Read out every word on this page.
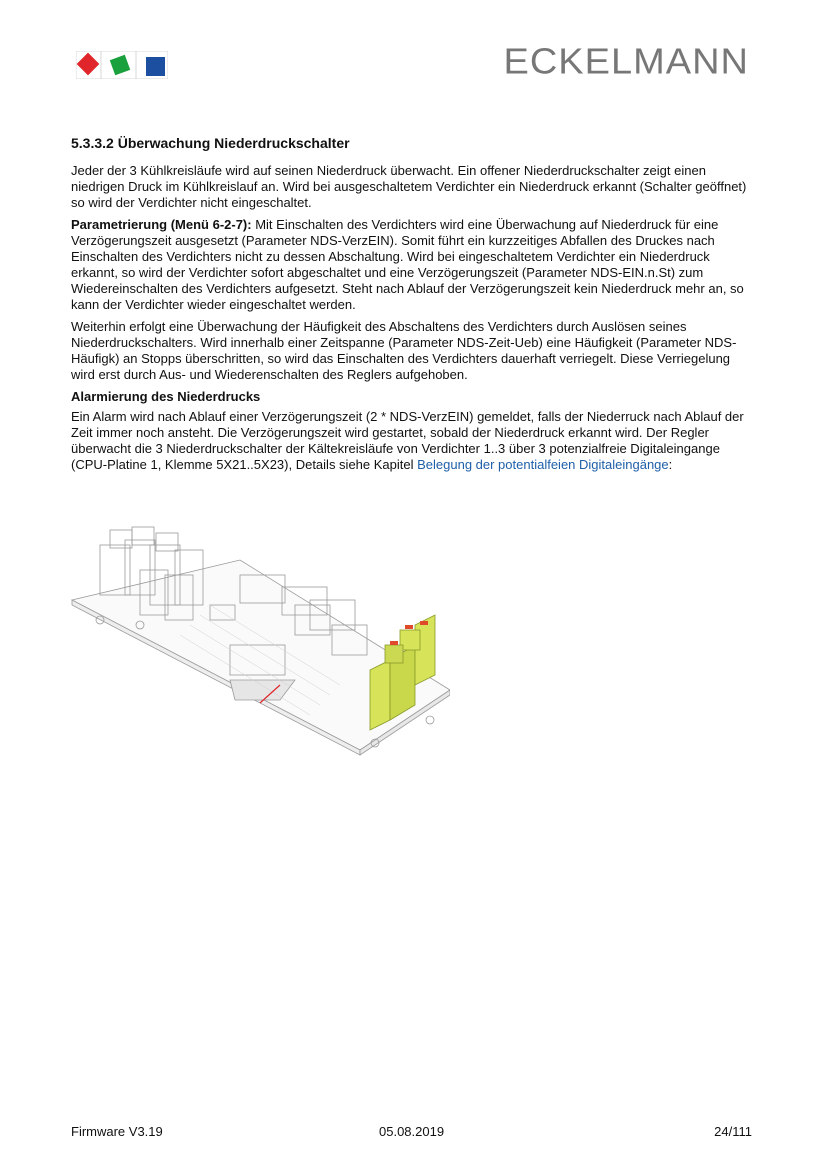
ECKELMANN
5.3.3.2 Überwachung Niederdruckschalter

Jeder der 3 Kühlkreisläufe wird auf seinen Niederdruck überwacht. Ein offener Niederdruckschalter zeigt einen niedrigen Druck im Kühlkreislauf an. Wird bei ausgeschaltetem Verdichter ein Niederdruck erkannt (Schalter geöffnet) so wird der Verdichter nicht eingeschaltet.

Parametrierung (Menü 6-2-7): Mit Einschalten des Verdichters wird eine Überwachung auf Niederdruck für eine Verzögerungszeit ausgesetzt (Parameter NDS-VerzEIN). Somit führt ein kurzzeitiges Abfallen des Druckes nach Einschalten des Verdichters nicht zu dessen Abschaltung. Wird bei eingeschaltetem Verdichter ein Niederdruck erkannt, so wird der Verdichter sofort abgeschaltet und eine Verzögerungszeit (Parameter NDS-EIN.n.St) zum Wiedereinschalten des Verdichters aufgesetzt. Steht nach Ablauf der Verzögerungszeit kein Niederdruck mehr an, so kann der Verdichter wieder eingeschaltet werden.

Weiterhin erfolgt eine Überwachung der Häufigkeit des Abschaltens des Verdichters durch Auslösen seines Niederdruckschalters. Wird innerhalb einer Zeitspanne (Parameter NDS-Zeit-Ueb) eine Häufigkeit (Parameter NDS-Häufigk) an Stopps überschritten, so wird das Einschalten des Verdichters dauerhaft verriegelt. Diese Verriegelung wird erst durch Aus- und Wiederenschalten des Reglers aufgehoben.

Alarmierung des Niederdrucks

Ein Alarm wird nach Ablauf einer Verzögerungszeit (2 * NDS-VerzEIN) gemeldet, falls der Niederruck nach Ablauf der Zeit immer noch ansteht. Die Verzögerungszeit wird gestartet, sobald der Niederdruck erkannt wird. Der Regler überwacht die 3 Niederdruckschalter der Kältekreisläufe von Verdichter 1..3 über 3 potenzialfreie Digitaleingange (CPU-Platine 1, Klemme 5X21..5X23), Details siehe Kapitel Belegung der potentialfeien Digitaleingänge:

Firmware V3.19	05.08.2019	24/111
